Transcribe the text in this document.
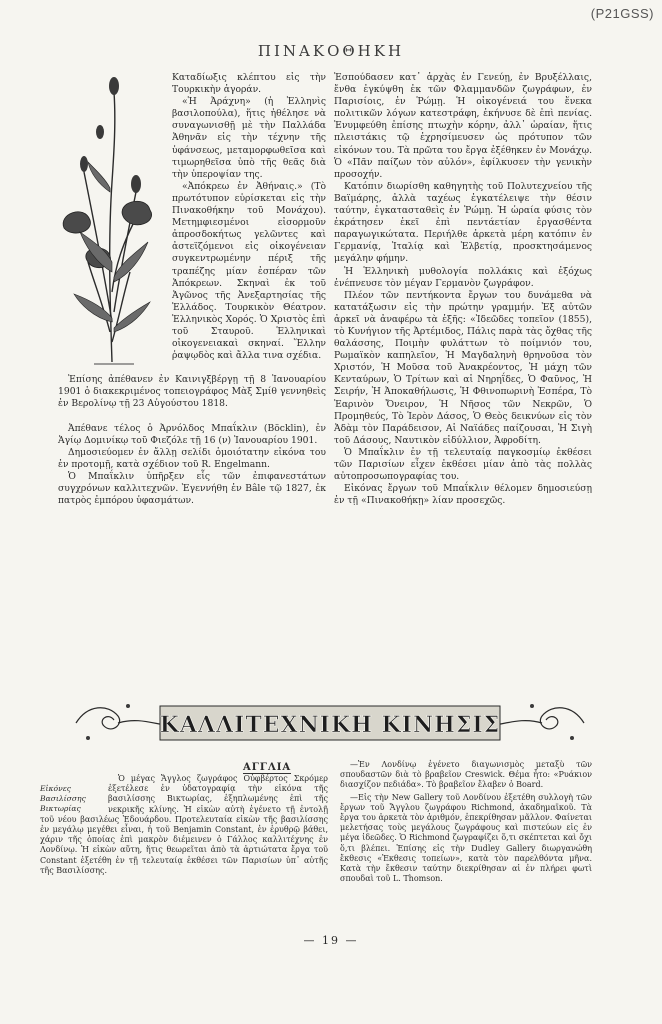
(P21GSS)
ΠΙΝΑΚΟΘΗΚΗ

Καταδίωξις κλέπτου εἰς τὴν Τουρκικὴν ἀγοράν.

«Ἡ Ἀράχνη» (ἡ Ἑλληνὶς βασιλοπούλα), ἥτις ἠθέλησε νὰ συναγωνισθῇ μὲ τὴν Παλλάδα Ἀθηνᾶν εἰς τὴν τέχνην τῆς ὑφάνσεως, μεταμορφωθεῖσα καὶ τιμωρηθεῖσα ὑπὸ τῆς θεᾶς διὰ τὴν ὑπεροψίαν της.

«Ἀπόκρεω ἐν Ἀθήναις.» (Τὸ πρωτότυπον εὑρίσκεται εἰς τὴν Πινακοθήκην τοῦ Μονάχου). Μετημφιεσμένοι εἰσορμοῦν ἀπροσδοκήτως γελῶντες καὶ ἀστεϊζόμενοι εἰς οἰκογένειαν συγκεντρωμένην πέριξ τῆς τραπέζης μίαν ἑσπέραν τῶν Ἀπόκρεων. Σκηναὶ ἐκ τοῦ Ἀγῶνος τῆς Ἀνεξαρτησίας τῆς Ἑλλάδος. Τουρκικὸν Θέατρον. Ἑλληνικὸς Χορός. Ὁ Χριστὸς ἐπὶ τοῦ Σταυροῦ. Ἑλληνικαὶ οἰκογενειακαὶ σκηναί. Ἕλλην ῥαψῳδὸς καὶ ἄλλα τινα σχέδια.

Ἐπίσης ἀπέθανεν ἐν Καινιγξβέργῃ τῇ 8 Ἰανουαρίου 1901 ὁ διακεκριμένος τοπειογράφος Μὰξ Σμίθ γεννηθεὶς ἐν Βερολίνῳ τῇ 23 Αὐγούστου 1818.

Ἀπέθανε τέλος ὁ Ἀρνόλδος Μπαΐκλιν (Böcklin), ἐν Ἁγίῳ Δομινίκῳ τοῦ Φιεζόλε τῇ 16 (ν) Ἰανουαρίου 1901.

Δημοσιεύομεν ἐν ἄλλῃ σελίδι ὁμοιότατην εἰκόνα του ἐν προτομῇ, κατὰ σχέδιον τοῦ R. Engelmann.

Ὁ Μπαΐκλιν ὑπῆρξεν εἷς τῶν ἐπιφανεστάτων συγχρόνων καλλιτεχνῶν. Ἐγεννήθη ἐν Bâle τῷ 1827, ἐκ πατρὸς ἐμπόρου ὑφασμάτων.

Ἐσπούδασεν κατ᾽ ἀρχὰς ἐν Γενεύῃ, ἐν Βρυξέλλαις, ἔνθα ἐγκύψθη ἐκ τῶν Φλαμμανδῶν ζωγράφων, ἐν Παρισίοις, ἐν Ῥώμῃ. Ἡ οἰκογένειά του ἕνεκα πολιτικῶν λόγων κατεστράφη, ἐκήνυσε δὲ ἐπὶ πενίας. Ἐνυμφεύθη ἐπίσης πτωχὴν κόρην, ἀλλ᾽ ὡραίαν, ἥτις πλειστάκις τῷ ἐχρησίμευσεν ὡς πρότυπον τῶν εἰκόνων του. Τὰ πρῶτα του ἔργα ἐξέθηκεν ἐν Μονάχῳ. Ὁ «Πᾶν παίζων τὸν αὐλόν», ἐφίλκυσεν τὴν γενικὴν προσοχήν.

Κατόπιν διωρίσθη καθηγητὴς τοῦ Πολυτεχνείου τῆς Βαϊμάρης, ἀλλὰ ταχέως ἐγκατέλειψε τὴν θέσιν ταύτην, ἐγκατασταθεὶς ἐν Ῥώμῃ. Ἡ ὡραία φύσις τὸν ἐκράτησεν ἐκεῖ ἐπὶ πεντάετίαν ἐργασθέντα παραγωγικώτατα. Περιήλθε ἀρκετὰ μέρη κατόπιν ἐν Γερμανίᾳ, Ἰταλίᾳ καὶ Ἑλβετίᾳ, προσκτησάμενος μεγάλην φήμην.

Ἡ Ἑλληνικὴ μυθολογία πολλάκις καὶ ἐξόχως ἐνέπνευσε τὸν μέγαν Γερμανὸν ζωγράφον.

Πλέον τῶν πεντήκοντα ἔργων του δυνάμεθα νὰ κατατάξωσιν εἰς τὴν πρώτην γραμμήν. Ἐξ αὐτῶν ἀρκεῖ νὰ ἀναφέρω τὰ ἑξῆς: «Ἰδεῶδες τοπεῖον (1855), τὸ Κυνήγιον τῆς Ἀρτέμιδος, Πάλις παρὰ τὰς ὄχθας τῆς θαλάσσης, Ποιμὴν φυλάττων τὸ ποίμνιόν του, Ρωμαϊκὸν καπηλεῖον, Ἡ Μαγδαληνὴ θρηνοῦσα τὸν Χριστόν, Ἡ Μοῦσα τοῦ Ἀνακρέοντος, Ἡ μάχη τῶν Κενταύρων, Ὁ Τρίτων καὶ αἱ Νηρηΐδες, Ὁ Φαῦνος, Ἡ Σειρήν, Ἡ Ἀποκαθήλωσις, Ἡ Φθινοπωρινὴ Ἑσπέρα, Τὸ Ἐαρινὸν Ὄνειρον, Ἡ Νῆσος τῶν Νεκρῶν, Ὁ Προμηθεύς, Τὸ Ἱερὸν Δάσος, Ὁ Θεὸς δεικνύων εἰς τὸν Ἀδὰμ τὸν Παράδεισον, Αἱ Ναϊάδες παίζουσαι, Ἡ Σιγὴ τοῦ Δάσους, Ναυτικὸν εἰδύλλιον, Ἀφροδίτη.

Ὁ Μπαΐκλιν ἐν τῇ τελευταίᾳ παγκοσμίῳ ἐκθέσει τῶν Παρισίων εἶχεν ἐκθέσει μίαν ἀπὸ τὰς πολλὰς αὐτοπροσωπογραφίας του.

Εἰκόνας ἔργων τοῦ Μπαΐκλιν θέλομεν δημοσιεύσῃ ἐν τῇ «Πινακοθήκῃ» λίαν προσεχῶς.

ΚΑΛΛΙΤΕΧΝΙΚΗ ΚΙΝΗΣΙΣ
ΑΓΓΛΙΑ
Εἰκόνες Βασιλίσσης Βικτωρίας

Ὁ μέγας Ἄγγλος ζωγράφος Οὐφβέρτος Σκρόμερ ἐξετέλεσε ἐν ὑδατογραφίᾳ τὴν εἰκόνα τῆς βασιλίσσης Βικτωρίας, ἐξηπλωμένης ἐπὶ τῆς νεκρικῆς κλίνης. Ἡ εἰκὼν αὐτὴ ἐγένετο τῇ ἐντολῇ τοῦ νέου βασιλέως Ἐδουάρδου. Προτελευταία εἰκὼν τῆς βασιλίσσης ἐν μεγάλῳ μεγέθει εἶναι, ἡ τοῦ Benjamin Constant, ἐν ἐρυθρῷ βάθει, χάριν τῆς ὁποίας ἐπὶ μακρὸν διέμεινεν ὁ Γάλλος καλλιτέχνης ἐν Λονδίνῳ. Ἡ εἰκὼν αὕτη, ἥτις θεωρεῖται ἀπὸ τὰ ἀρτιώτατα ἔργα τοῦ Constant ἐξετέθη ἐν τῇ τελευταίᾳ ἐκθέσει τῶν Παρισίων ὑπ᾽ αὐτῆς τῆς Βασιλίσσης.

—Ἐν Λονδίνῳ ἐγένετο διαγωνισμὸς μεταξὺ τῶν σπουδαστῶν διὰ τὸ βραβεῖον Creswick. Θέμα ἦτο: «Ρυάκιον διασχίζον πεδιάδα». Τὸ βραβεῖον ἔλαβεν ὁ Board.

—Εἰς τὴν New Gallery τοῦ Λονδίνου ἐξετέθη συλλογὴ τῶν ἔργων τοῦ Ἄγγλου ζωγράφου Richmond, ἀκαδημαϊκοῦ. Τὰ ἔργα του ἀρκετὰ τὸν ἀριθμόν, ἐπεκρίθησαν μᾶλλον. Φαίνεται μελετήσας τοὺς μεγάλους ζωγράφους καὶ πιστεύων εἰς ἐν μέγα ἰδεῶδες. Ὁ Richmond ζωγραφίζει ὅ,τι σκέπτεται καὶ ὄχι ὅ,τι βλέπει. Ἐπίσης εἰς τὴν Dudley Gallery διωργανώθη ἔκθεσις «Ἐκθεσις τοπείων», κατὰ τὸν παρελθόντα μῆνα. Κατὰ τὴν ἔκθεσιν ταύτην διεκρίθησαν αἱ ἐν πλήρει φωτὶ σπουδαὶ τοῦ L. Thomson.

— 19 —
